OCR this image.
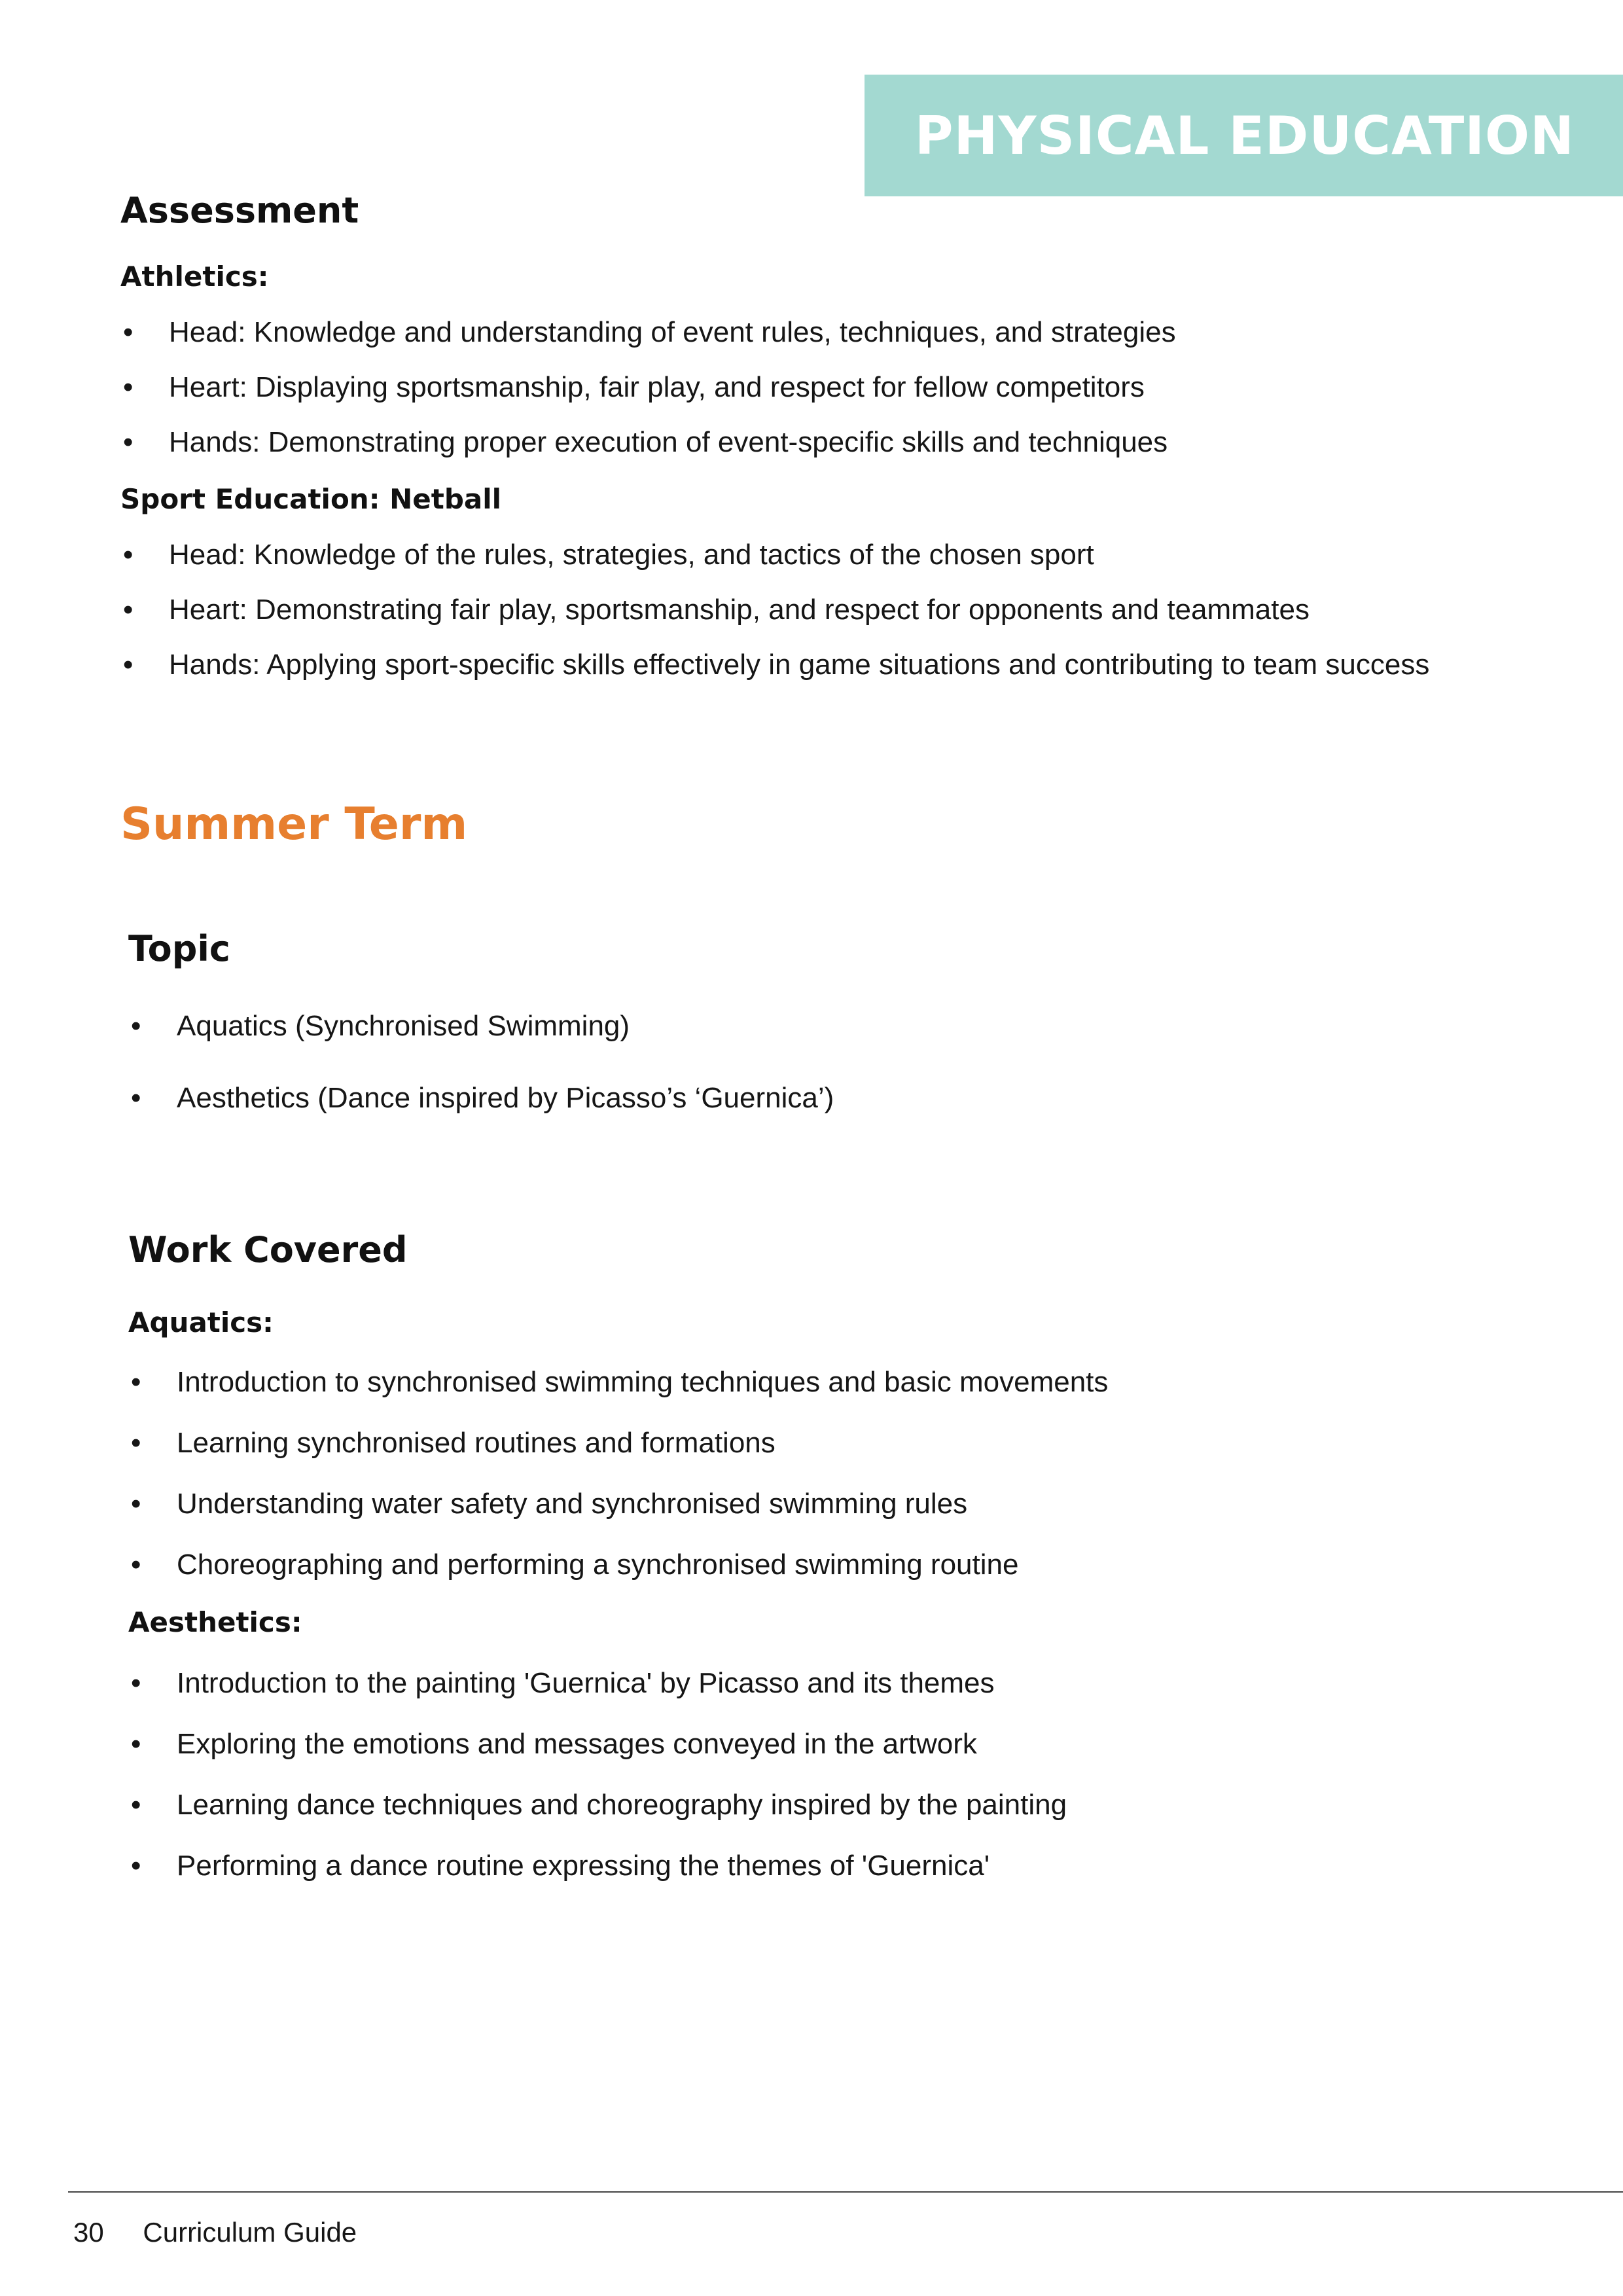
PHYSICAL EDUCATION
Assessment
Athletics:
• Head: Knowledge and understanding of event rules, techniques, and strategies
• Heart: Displaying sportsmanship, fair play, and respect for fellow competitors
• Hands: Demonstrating proper execution of event-specific skills and techniques
Sport Education: Netball
• Head: Knowledge of the rules, strategies, and tactics of the chosen sport
• Heart: Demonstrating fair play, sportsmanship, and respect for opponents and teammates
• Hands: Applying sport-specific skills effectively in game situations and contributing to team success
Summer Term
Topic
• Aquatics (Synchronised Swimming)
• Aesthetics (Dance inspired by Picasso’s ‘Guernica’)
Work Covered
Aquatics:
• Introduction to synchronised swimming techniques and basic movements
• Learning synchronised routines and formations
• Understanding water safety and synchronised swimming rules
• Choreographing and performing a synchronised swimming routine
Aesthetics:
• Introduction to the painting 'Guernica' by Picasso and its themes
• Exploring the emotions and messages conveyed in the artwork
• Learning dance techniques and choreography inspired by the painting
• Performing a dance routine expressing the themes of 'Guernica'
30 Curriculum Guide
